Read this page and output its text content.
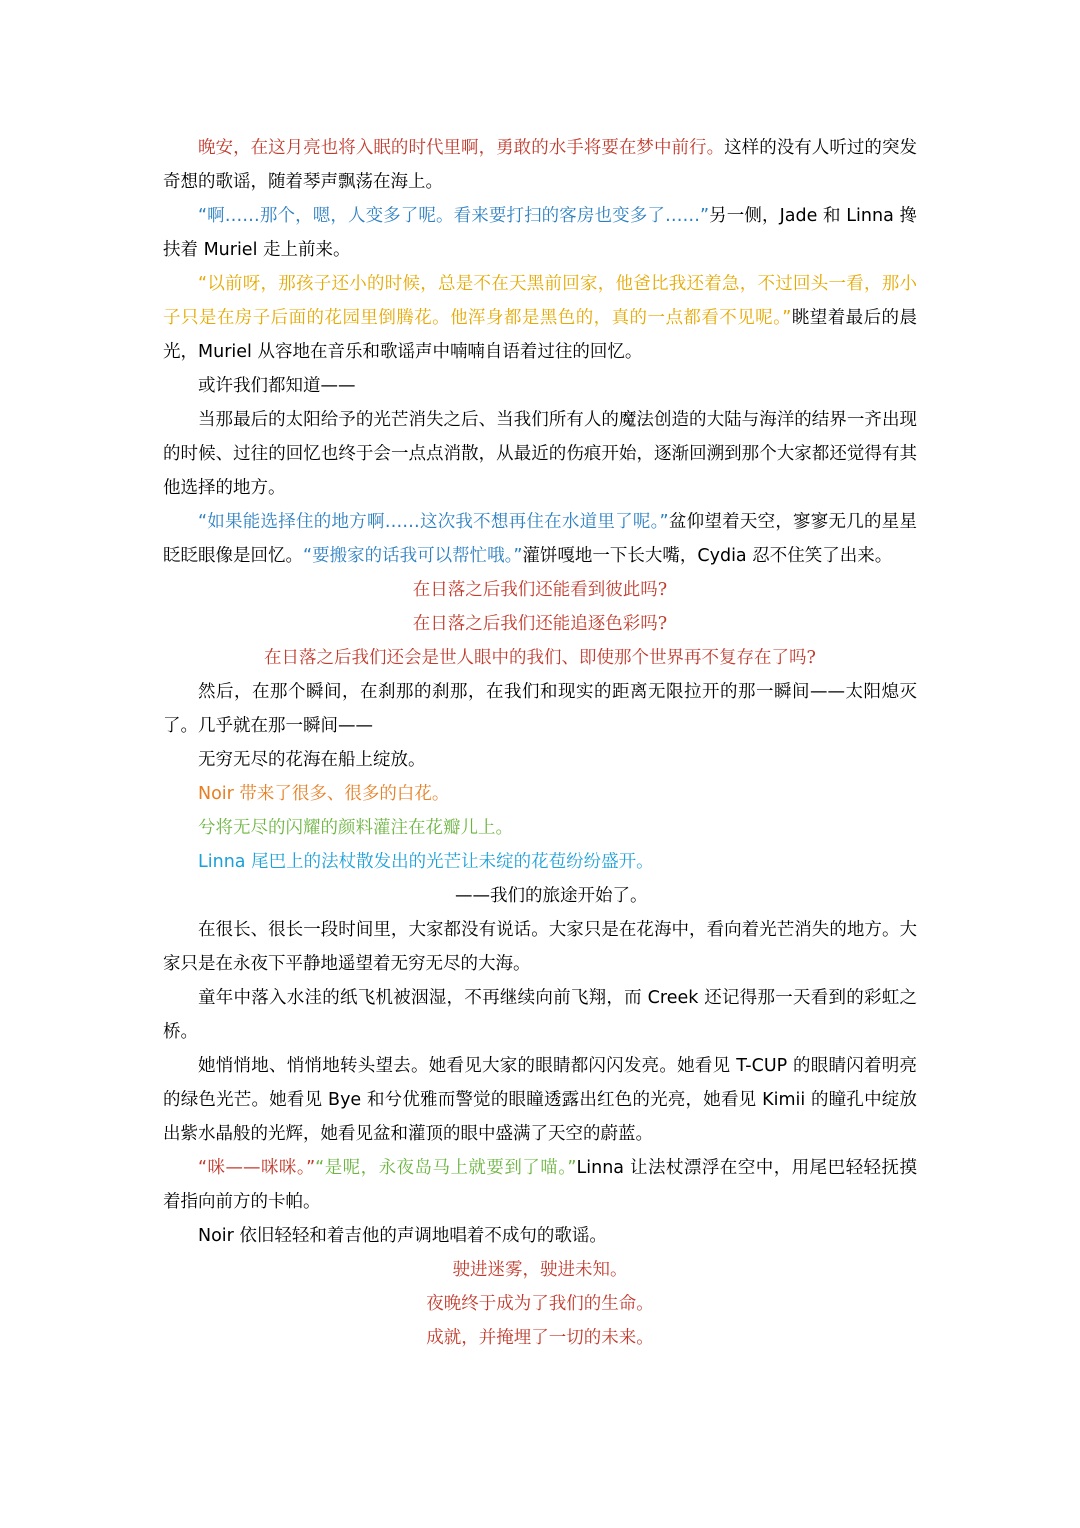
晚安，在这月亮也将入眠的时代里啊，勇敢的水手将要在梦中前行。这样的没有人听过的突发奇想的歌谣，随着琴声飘荡在海上。

“啊……那个，嗯，人变多了呢。看来要打扫的客房也变多了……”另一侧，Jade 和 Linna 搀扶着 Muriel 走上前来。

“以前呀，那孩子还小的时候，总是不在天黑前回家，他爸比我还着急，不过回头一看，那小子只是在房子后面的花园里倒腾花。他浑身都是黑色的，真的一点都看不见呢。”眺望着最后的晨光，Muriel 从容地在音乐和歌谣声中喃喃自语着过往的回忆。

或许我们都知道——

当那最后的太阳给予的光芒消失之后、当我们所有人的魔法创造的大陆与海洋的结界一齐出现的时候、过往的回忆也终于会一点点消散，从最近的伤痕开始，逐渐回溯到那个大家都还觉得有其他选择的地方。

“如果能选择住的地方啊……这次我不想再住在水道里了呢。”盆仰望着天空，寥寥无几的星星眨眨眼像是回忆。“要搬家的话我可以帮忙哦。”灌饼嘎地一下长大嘴，Cydia 忍不住笑了出来。

在日落之后我们还能看到彼此吗?

在日落之后我们还能追逐色彩吗?

在日落之后我们还会是世人眼中的我们、即使那个世界再不复存在了吗?

然后，在那个瞬间，在刹那的刹那，在我们和现实的距离无限拉开的那一瞬间——太阳熄灭了。几乎就在那一瞬间——

无穷无尽的花海在船上绽放。

Noir 带来了很多、很多的白花。

兮将无尽的闪耀的颜料灌注在花瓣儿上。

Linna 尾巴上的法杖散发出的光芒让未绽的花苞纷纷盛开。

——我们的旅途开始了。

在很长、很长一段时间里，大家都没有说话。大家只是在花海中，看向着光芒消失的地方。大家只是在永夜下平静地遥望着无穷无尽的大海。

童年中落入水洼的纸飞机被洇湿，不再继续向前飞翔，而 Creek 还记得那一天看到的彩虹之桥。

她悄悄地、悄悄地转头望去。她看见大家的眼睛都闪闪发亮。她看见 T-CUP 的眼睛闪着明亮的绿色光芒。她看见 Bye 和兮优雅而警觉的眼瞳透露出红色的光亮，她看见 Kimii 的瞳孔中绽放出紫水晶般的光辉，她看见盆和灌顶的眼中盛满了天空的蔚蓝。

“咪——咪咪。”“是呢，永夜岛马上就要到了喵。”Linna 让法杖漂浮在空中，用尾巴轻轻抚摸着指向前方的卡帕。

Noir 依旧轻轻和着吉他的声调地唱着不成句的歌谣。

驶进迷雾，驶进未知。

夜晚终于成为了我们的生命。

成就，并掩埋了一切的未来。
